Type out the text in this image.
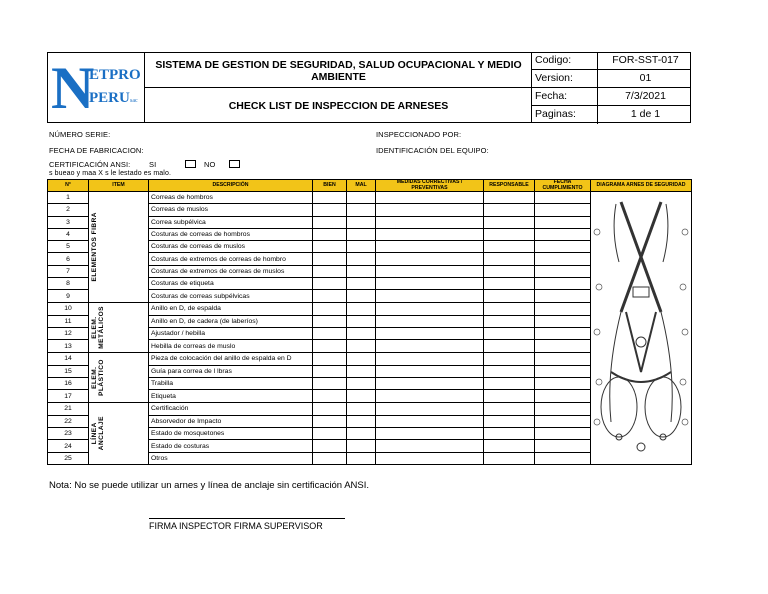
N
ETPRO
PERU sac
SISTEMA DE GESTION DE SEGURIDAD, SALUD OCUPACIONAL Y MEDIO
AMBIENTE
CHECK LIST DE INSPECCION DE ARNESES
Codigo:	FOR-SST-017
Version:	01
Fecha:	7/3/2021
Paginas:	1 de 1
NÚMERO SERIE:
FECHA DE FABRICACION:
CERTIFICACIÓN ANSI: SI	NO
s bueao y maa X s le lestado es malo.
INSPECCIONADO POR:
IDENTIFICACIÓN DEL EQUIPO:
N°	ITEM	DESCRIPCIÓN	BIEN	MAL	MEDIDAS CORRECTIVAS / PREVENTIVAS	RESPONSABLE	FECHA CUMPLIMIENTO	DIAGRAMA ARNES DE SEGURIDAD
1	ELEMENTOS FIBRA	Correas de hombros						
2		Correas de muslos						
3		Correa subpélvica						
4		Costuras de correas de hombros						
5		Costuras de correas de muslos						
6		Costuras de extremos de correas de hombro						
7		Costuras de extremos de correas de muslos						
8		Costuras de etiqueta						
9		Costuras de correas subpélvicas						
10	ELEM.
METÁLICOS	Anillo en D, de espalda						
11		Anillo en D, de cadera (de laberíos)						
12		Ajustador / hebilla						
13		Hebilla de correas de muslo						
14	ELEM.
PLÁSTICO	Pieza de colocación del anillo de espalda en D						
15		Guía para correa de l lbras						
16		Trabilla						
17		Etiqueta						
21	LÍNEA
ANCLAJE	Certificación						
22		Absorvedor de Impacto						
23		Estado de mosquetones						
24		Estado de costuras						
25		Otros						
Nota: No se puede utilizar un arnes y línea de anclaje sin certificación ANSI.
FIRMA INSPECTOR FIRMA SUPERVISOR
